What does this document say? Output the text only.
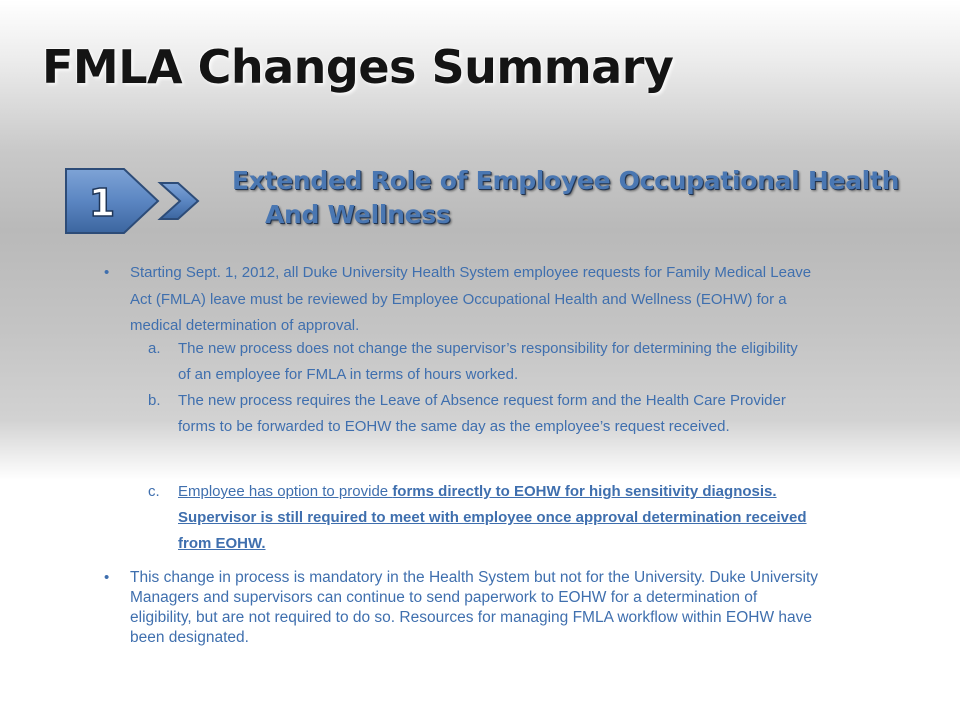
FMLA Changes Summary
1
Extended Role of Employee Occupational Health
And Wellness

• Starting Sept. 1, 2012, all Duke University Health System employee requests for Family Medical Leave Act (FMLA) leave must be reviewed by Employee Occupational Health and Wellness (EOHW) for a medical determination of approval.

a. The new process does not change the supervisor’s responsibility for determining the eligibility of an employee for FMLA in terms of hours worked.
b. The new process requires the Leave of Absence request form and the Health Care Provider forms to be forwarded to EOHW the same day as the employee’s request received.
c. Employee has option to provide forms directly to EOHW for high sensitivity diagnosis. Supervisor is still required to meet with employee once approval determination received from EOHW.

• This change in process is mandatory in the Health System but not for the University. Duke University Managers and supervisors can continue to send paperwork to EOHW for a determination of eligibility, but are not required to do so. Resources for managing FMLA workflow within EOHW have been designated.
